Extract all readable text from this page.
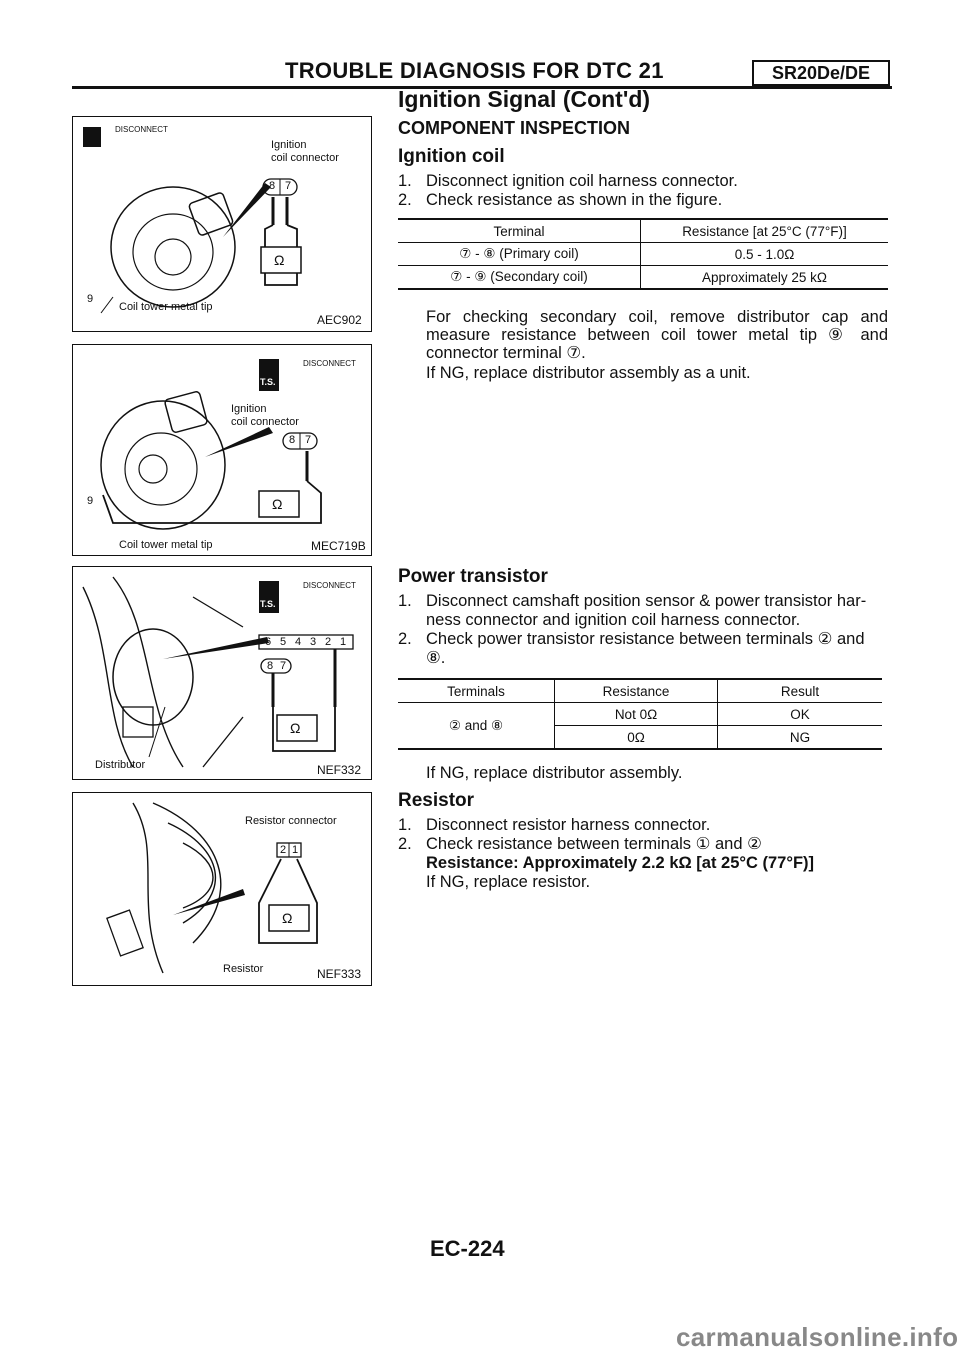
TROUBLE DIAGNOSIS FOR DTC 21	SR20De/DE
Ignition Signal (Cont'd)
COMPONENT INSPECTION
Ignition coil
1. Disconnect ignition coil harness connector.
2. Check resistance as shown in the figure.
Terminal	Resistance [at 25°C (77°F)]
⑦ - ⑧ (Primary coil)	0.5 - 1.0Ω
⑦ - ⑨ (Secondary coil)	Approximately 25 kΩ
For checking secondary coil, remove distributor cap and measure resistance between coil tower metal tip ⑨ and connector terminal ⑦.
If NG, replace distributor assembly as a unit.
Power transistor
1. Disconnect camshaft position sensor & power transistor har-
ness connector and ignition coil harness connector.
2. Check power transistor resistance between terminals ② and
⑧.
Terminals	Resistance	Result
② and ⑧	Not 0Ω	OK
	0Ω	NG
If NG, replace distributor assembly.
Resistor
1. Disconnect resistor harness connector.
2. Check resistance between terminals ① and ②
Resistance: Approximately 2.2 kΩ [at 25°C (77°F)]
If NG, replace resistor.
DISCONNECT
Ignition
coil connector
8 7
Ω
9
Coil tower metal tip
AEC902
DISCONNECT
T.S.
Ignition
coil connector
8 7
Ω
9
Coil tower metal tip	MEC719B
DISCONNECT
T.S.
6 5 4 3 2 1
8 7
Ω
Distributor	NEF332
Resistor connector
2 1
Ω
Resistor	NEF333
EC-224
carmanualsonline.info
